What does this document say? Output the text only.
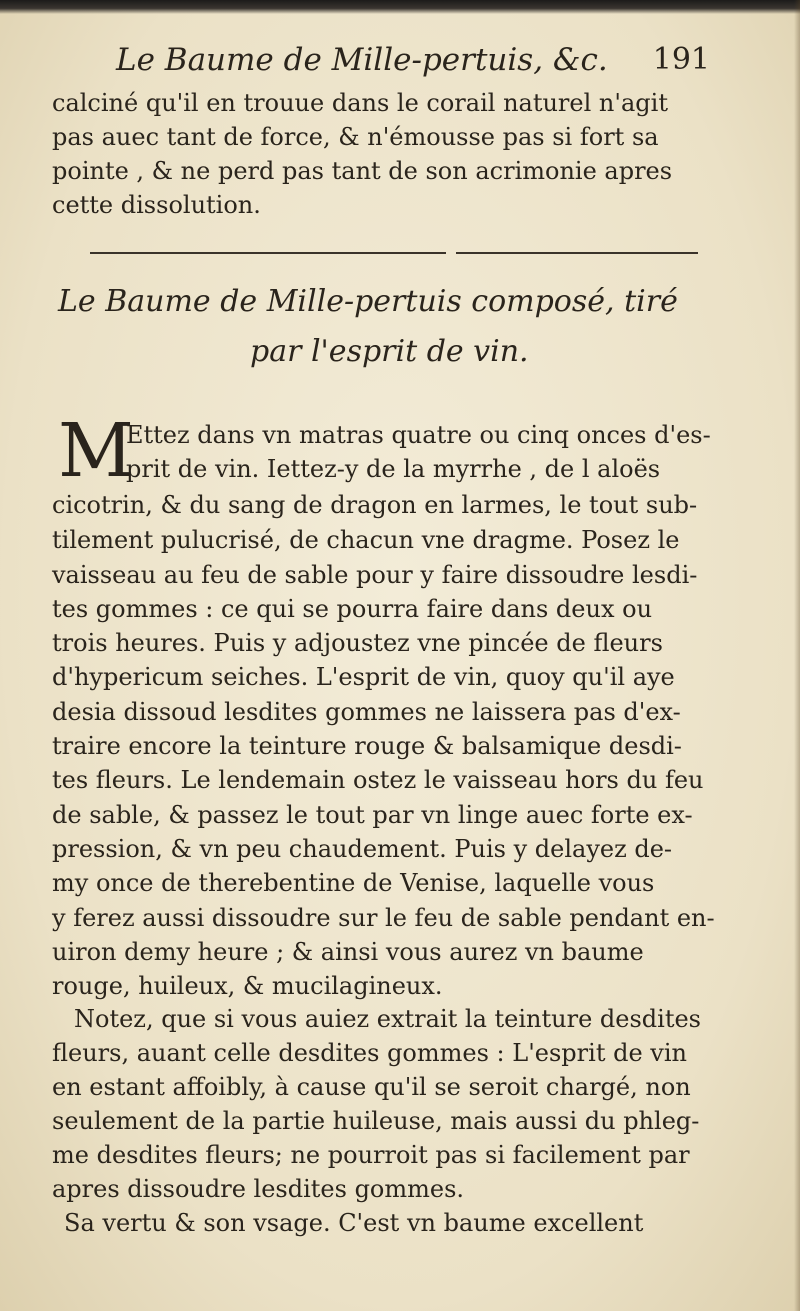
Le Baume de Mille-pertuis, &c. 191
calciné qu'il en trouue dans le corail naturel n'agit
pas auec tant de force, & n'émousse pas si fort sa
pointe , & ne perd pas tant de son acrimonie apres
cette dissolution.
Le Baume de Mille-pertuis composé, tiré
par l'esprit de vin.
M
Ettez dans vn matras quatre ou cinq onces d'es-
prit de vin. Iettez-y de la myrrhe , de l aloës
cicotrin, & du sang de dragon en larmes, le tout sub-
tilement pulucrisé, de chacun vne dragme. Posez le
vaisseau au feu de sable pour y faire dissoudre lesdi-
tes gommes : ce qui se pourra faire dans deux ou
trois heures. Puis y adjoustez vne pincée de fleurs
d'hypericum seiches. L'esprit de vin, quoy qu'il aye
desia dissoud lesdites gommes ne laissera pas d'ex-
traire encore la teinture rouge & balsamique desdi-
tes fleurs. Le lendemain ostez le vaisseau hors du feu
de sable, & passez le tout par vn linge auec forte ex-
pression, & vn peu chaudement. Puis y delayez de-
my once de therebentine de Venise, laquelle vous
y ferez aussi dissoudre sur le feu de sable pendant en-
uiron demy heure ; & ainsi vous aurez vn baume
rouge, huileux, & mucilagineux.
Notez, que si vous auiez extrait la teinture desdites
fleurs, auant celle desdites gommes : L'esprit de vin
en estant affoibly, à cause qu'il se seroit chargé, non
seulement de la partie huileuse, mais aussi du phleg-
me desdites fleurs; ne pourroit pas si facilement par
apres dissoudre lesdites gommes.
Sa vertu & son vsage. C'est vn baume excellent
